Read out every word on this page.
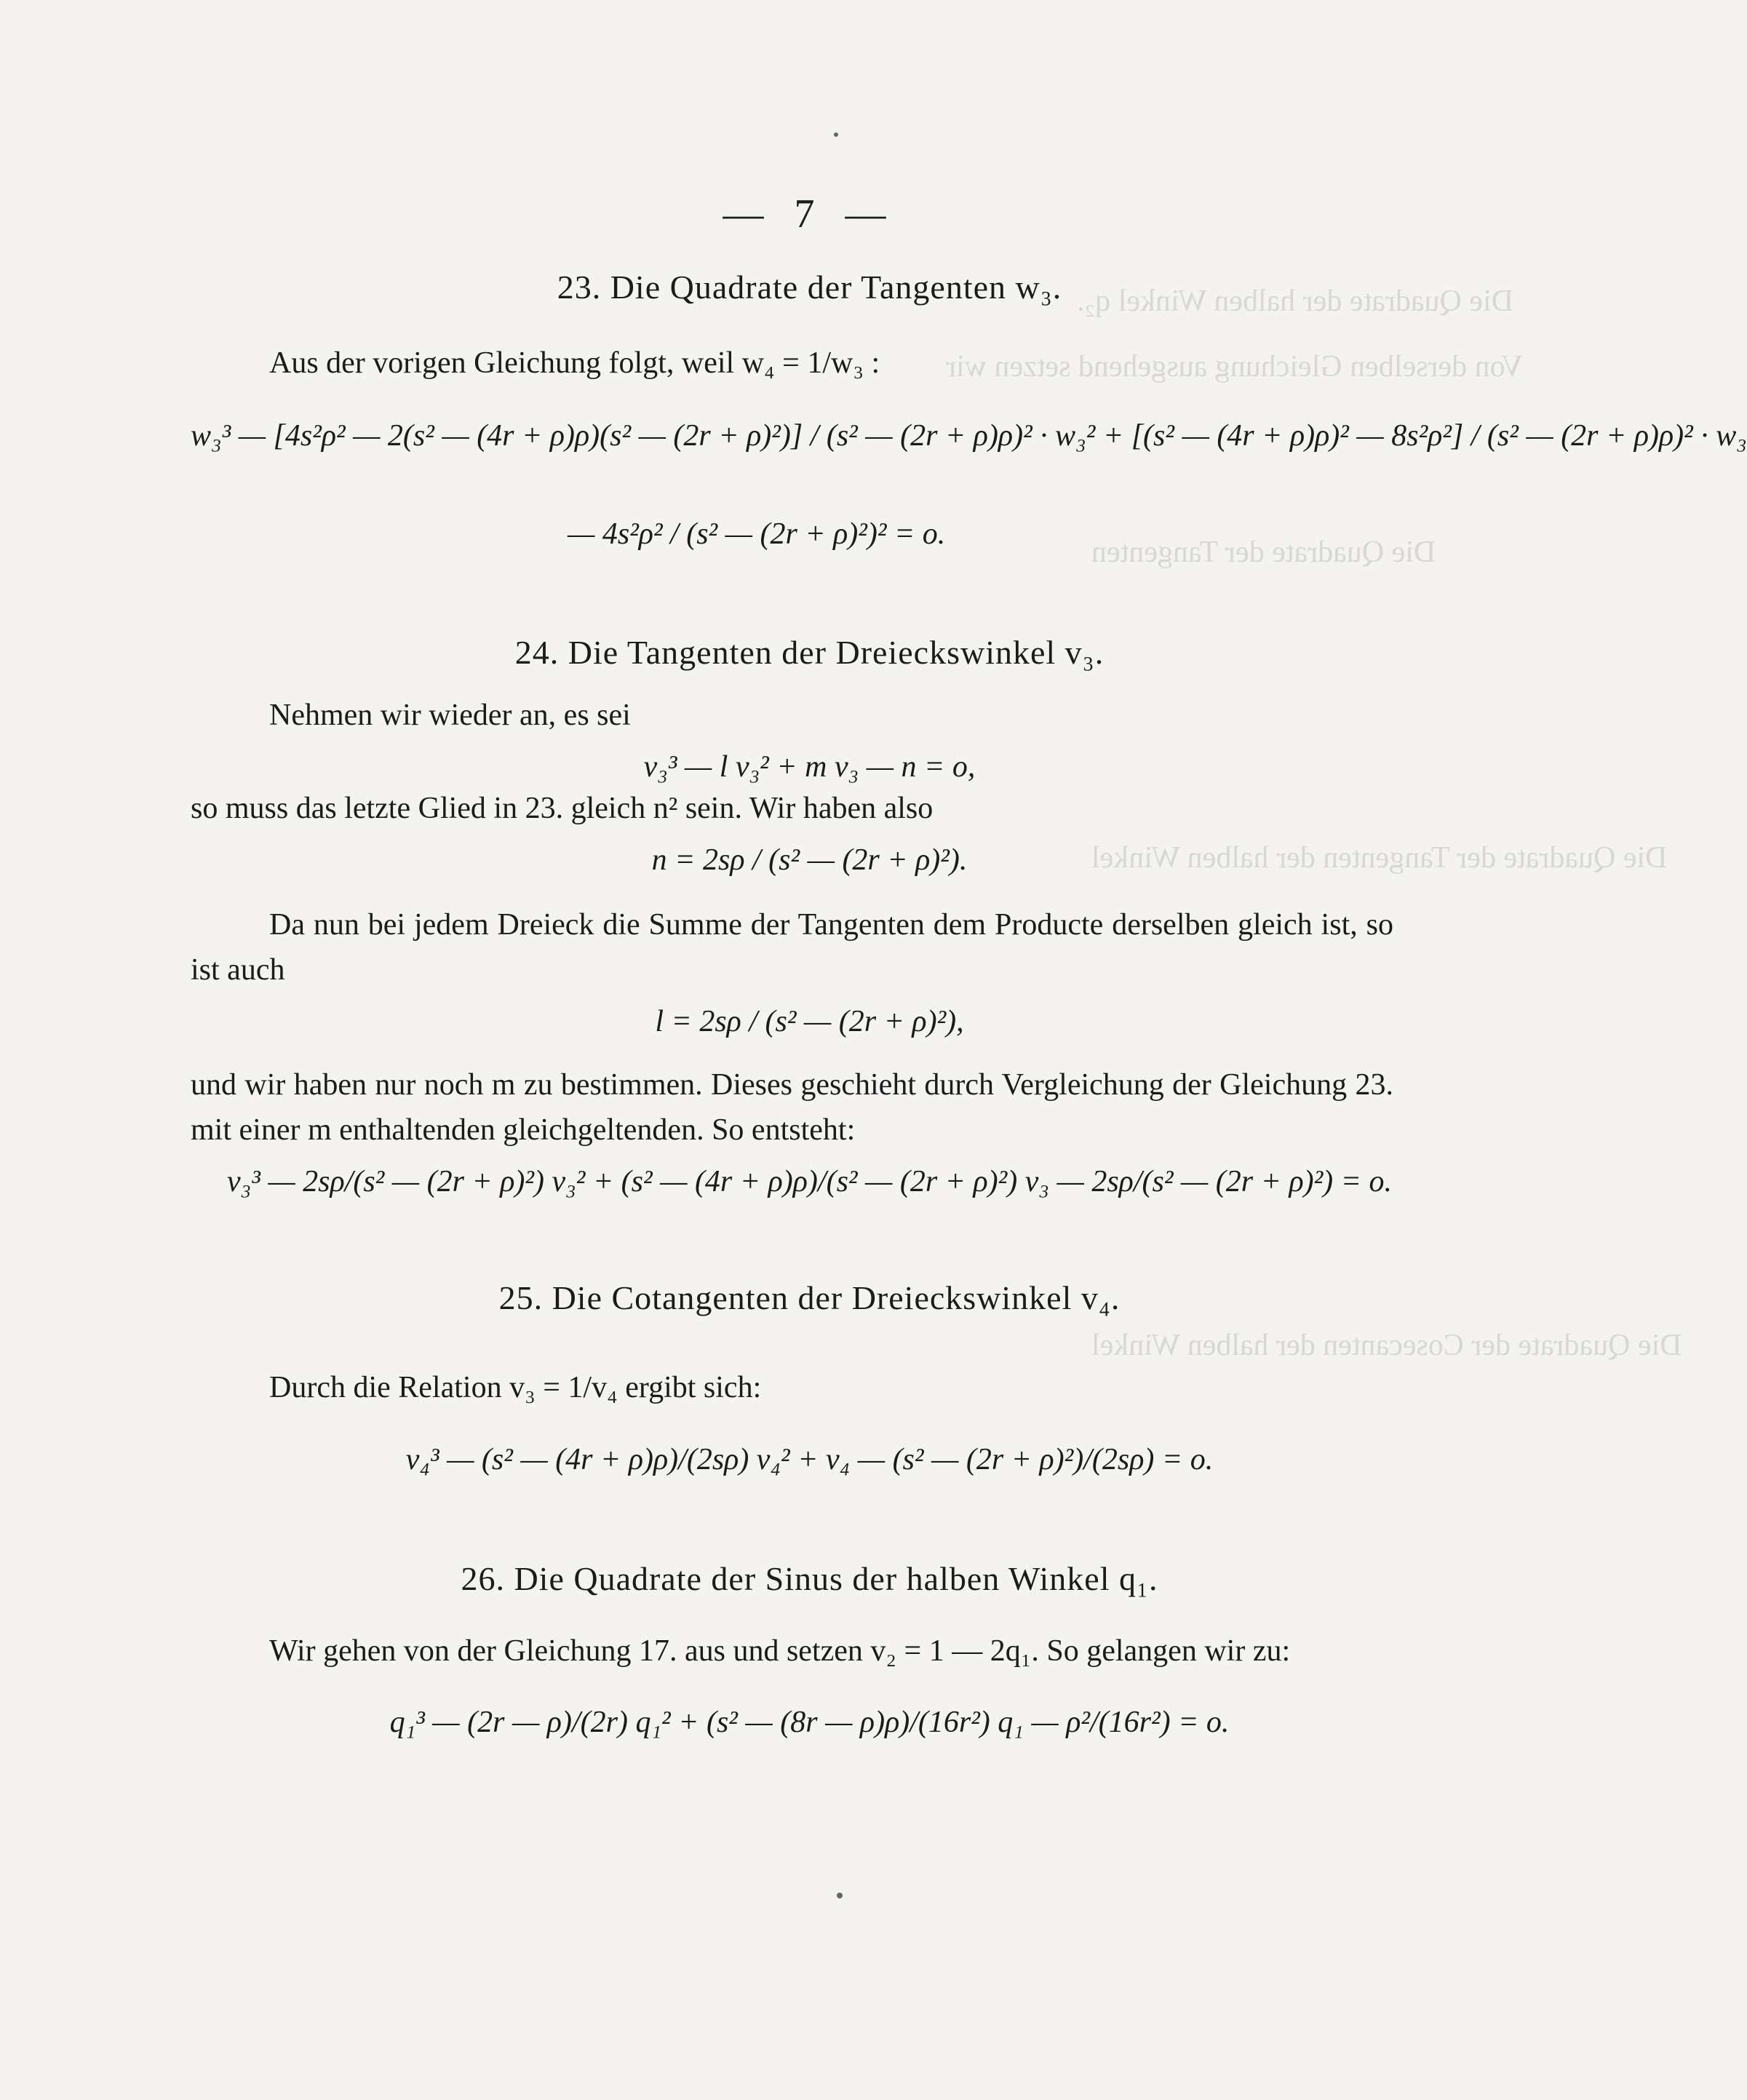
Die Quadrate der halben Winkel q₂.
Von derselben Gleichung ausgehend setzen wir
Die Quadrate der Tangenten
Die Quadrate der Tangenten der halben Winkel
Die Quadrate der Cosecanten der halben Winkel
— 7 —
23. Die Quadrate der Tangenten w₃.
Aus der vorigen Gleichung folgt, weil w₄ = 1/w₃ :
w₃³ — [4s²ρ² — 2(s² — (4r + ρ)ρ)(s² — (2r + ρ)²)] / (s² — (2r + ρ)ρ)² · w₃² + [(s² — (4r + ρ)ρ)² — 8s²ρ²] / (s² — (2r + ρ)ρ)² · w₃
— 4s²ρ² / (s² — (2r + ρ)²)² = o.
24. Die Tangenten der Dreieckswinkel v₃.
Nehmen wir wieder an, es sei
v₃³ — l v₃² + m v₃ — n = o,
so muss das letzte Glied in 23. gleich n² sein. Wir haben also
n = 2sρ / (s² — (2r + ρ)²).
Da nun bei jedem Dreieck die Summe der Tangenten dem Producte derselben gleich ist, so ist auch
l = 2sρ / (s² — (2r + ρ)²),
und wir haben nur noch m zu bestimmen. Dieses geschieht durch Vergleichung der Gleichung 23. mit einer m enthaltenden gleichgeltenden. So entsteht:
v₃³ — 2sρ/(s² — (2r + ρ)²) v₃² + (s² — (4r + ρ)ρ)/(s² — (2r + ρ)²) v₃ — 2sρ/(s² — (2r + ρ)²) = o.
25. Die Cotangenten der Dreieckswinkel v₄.
Durch die Relation v₃ = 1/v₄ ergibt sich:
v₄³ — (s² — (4r + ρ)ρ)/(2sρ) v₄² + v₄ — (s² — (2r + ρ)²)/(2sρ) = o.
26. Die Quadrate der Sinus der halben Winkel q₁.
Wir gehen von der Gleichung 17. aus und setzen v₂ = 1 — 2q₁. So gelangen wir zu:
q₁³ — (2r — ρ)/(2r) q₁² + (s² — (8r — ρ)ρ)/(16r²) q₁ — ρ²/(16r²) = o.
